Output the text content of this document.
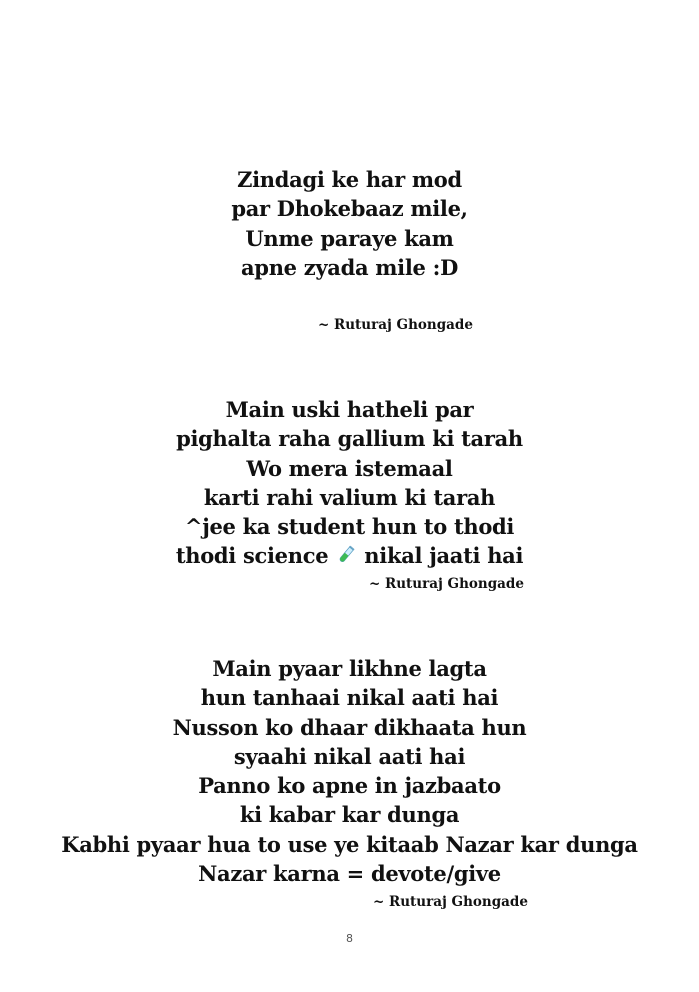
Zindagi ke har mod
par Dhokebaaz mile,
Unme paraye kam
apne zyada mile :D
~ Ruturaj Ghongade
Main uski hatheli par
pighalta raha gallium ki tarah
Wo mera istemaal
karti rahi valium ki tarah
^jee ka student hun to thodi
thodi science nikal jaati hai
~ Ruturaj Ghongade
Main pyaar likhne lagta
hun tanhaai nikal aati hai
Nusson ko dhaar dikhaata hun
syaahi nikal aati hai
Panno ko apne in jazbaato
ki kabar kar dunga
Kabhi pyaar hua to use ye kitaab Nazar kar dunga
Nazar karna = devote/give
~ Ruturaj Ghongade
8
